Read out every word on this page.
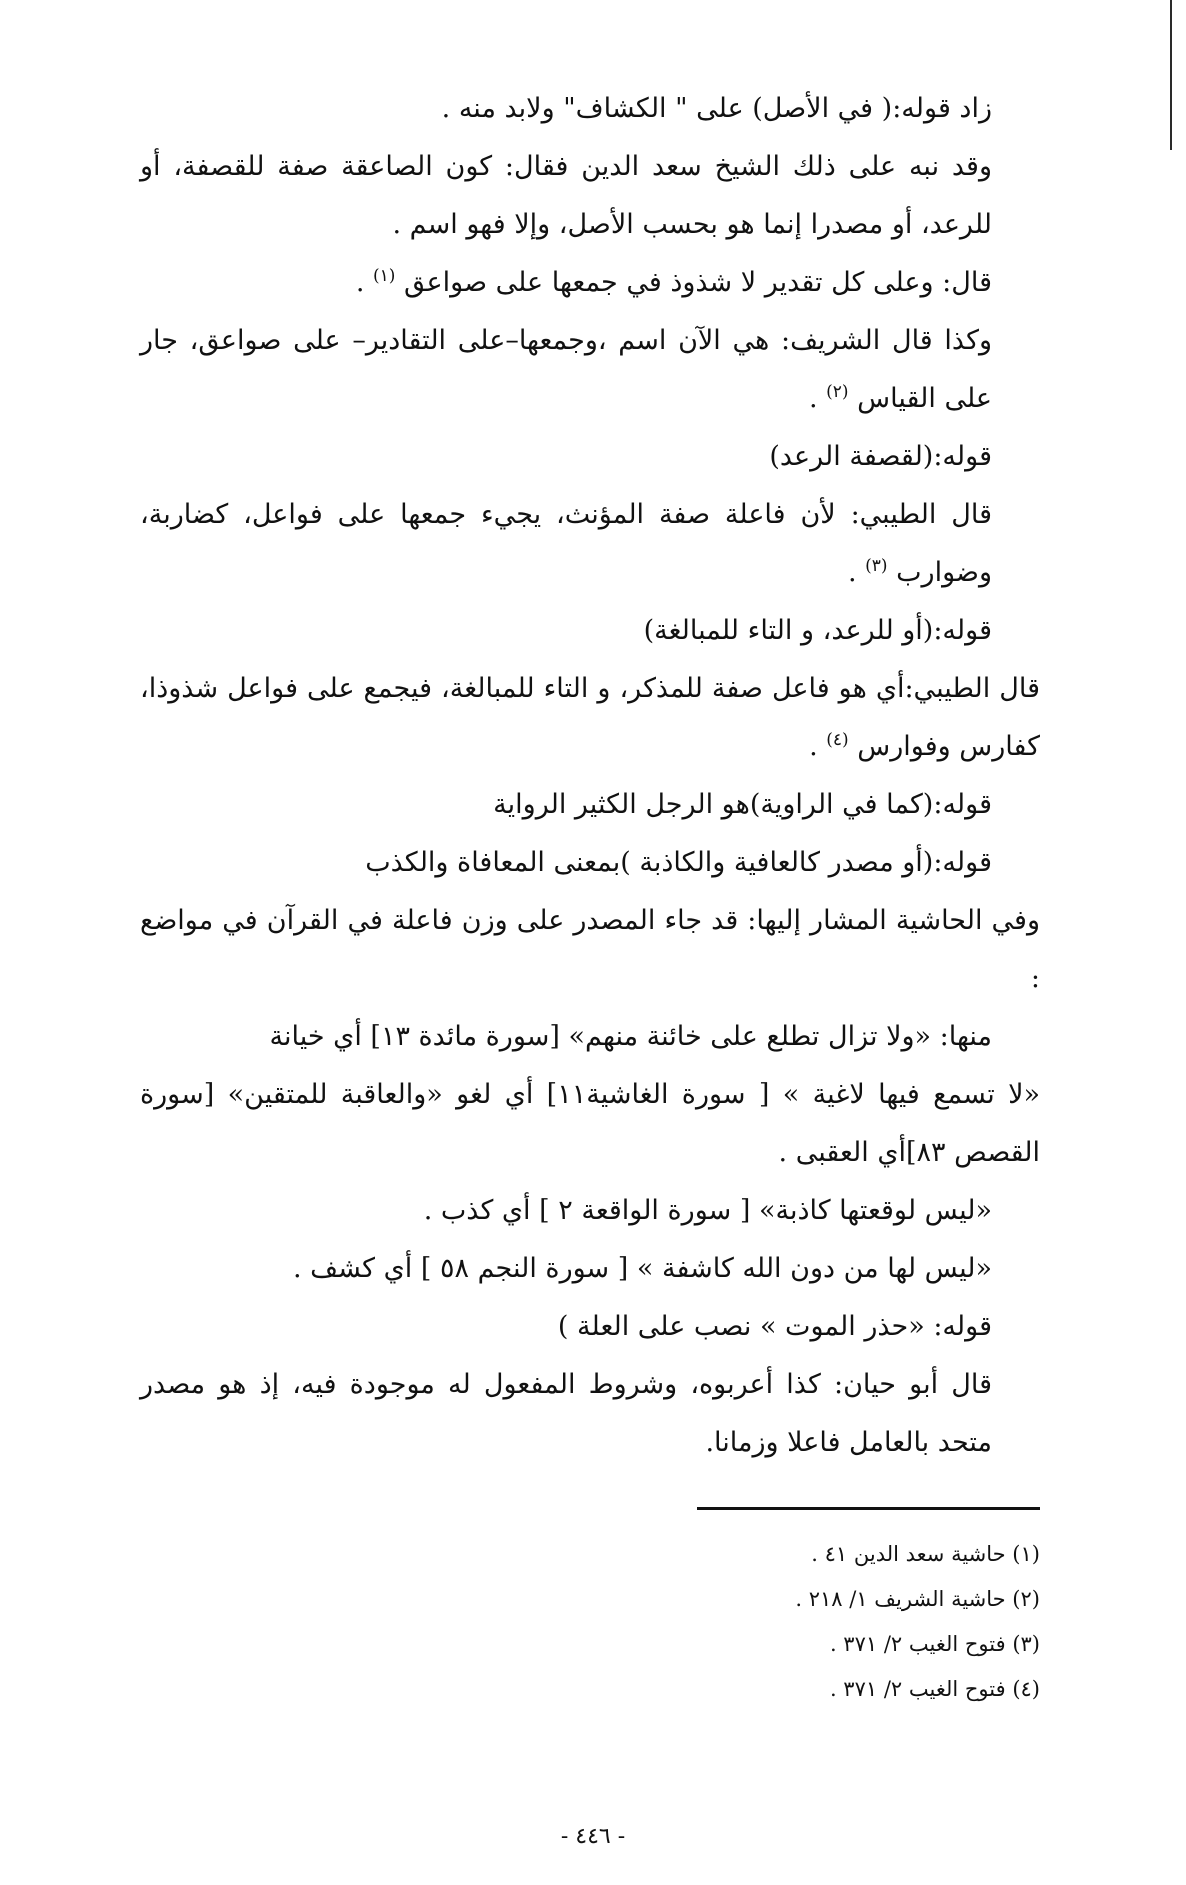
زاد قوله:( في الأصل) على " الكشاف" ولابد منه .

وقد نبه على ذلك الشيخ سعد الدين فقال: كون الصاعقة صفة للقصفة، أو للرعد، أو مصدرا إنما هو بحسب الأصل، وإلا فهو اسم .

قال: وعلى كل تقدير لا شذوذ في جمعها على صواعق $^{(١)}$ .

وكذا قال الشريف: هي الآن اسم ،وجمعها–على التقادير– على صواعق، جار على القياس $^{(٢)}$ .

قوله:(لقصفة الرعد)

قال الطيبي: لأن فاعلة صفة المؤنث، يجيء جمعها على فواعل، كضاربة، وضوارب $^{(٣)}$ .

قوله:(أو للرعد، و التاء للمبالغة)

قال الطيبي:أي هو فاعل صفة للمذكر، و التاء للمبالغة، فيجمع على فواعل شذوذا، كفارس وفوارس $^{(٤)}$ .

قوله:(كما في الراوية)هو الرجل الكثير الرواية

قوله:(أو مصدر كالعافية والكاذبة )بمعنى المعافاة والكذب

وفي الحاشية المشار إليها: قد جاء المصدر على وزن فاعلة في القرآن في مواضع :

منها: «ولا تزال تطلع على خائنة منهم» [سورة مائدة ١٣] أي خيانة

«لا تسمع فيها لاغية » [ سورة الغاشية١١] أي لغو «والعاقبة للمتقين» [سورة القصص ٨٣]أي العقبى .

«ليس لوقعتها كاذبة» [ سورة الواقعة ٢ ] أي كذب .

«ليس لها من دون الله كاشفة » [ سورة النجم ٥٨ ] أي كشف .

قوله: «حذر الموت » نصب على العلة )

قال أبو حيان: كذا أعربوه، وشروط المفعول له موجودة فيه، إذ هو مصدر متحد بالعامل فاعلا وزمانا.

(١) حاشية سعد الدين ٤١ .
(٢) حاشية الشريف ١/ ٢١٨ .
(٣) فتوح الغيب ٢/ ٣٧١ .
(٤) فتوح الغيب ٢/ ٣٧١ .
- ٤٤٦ -
